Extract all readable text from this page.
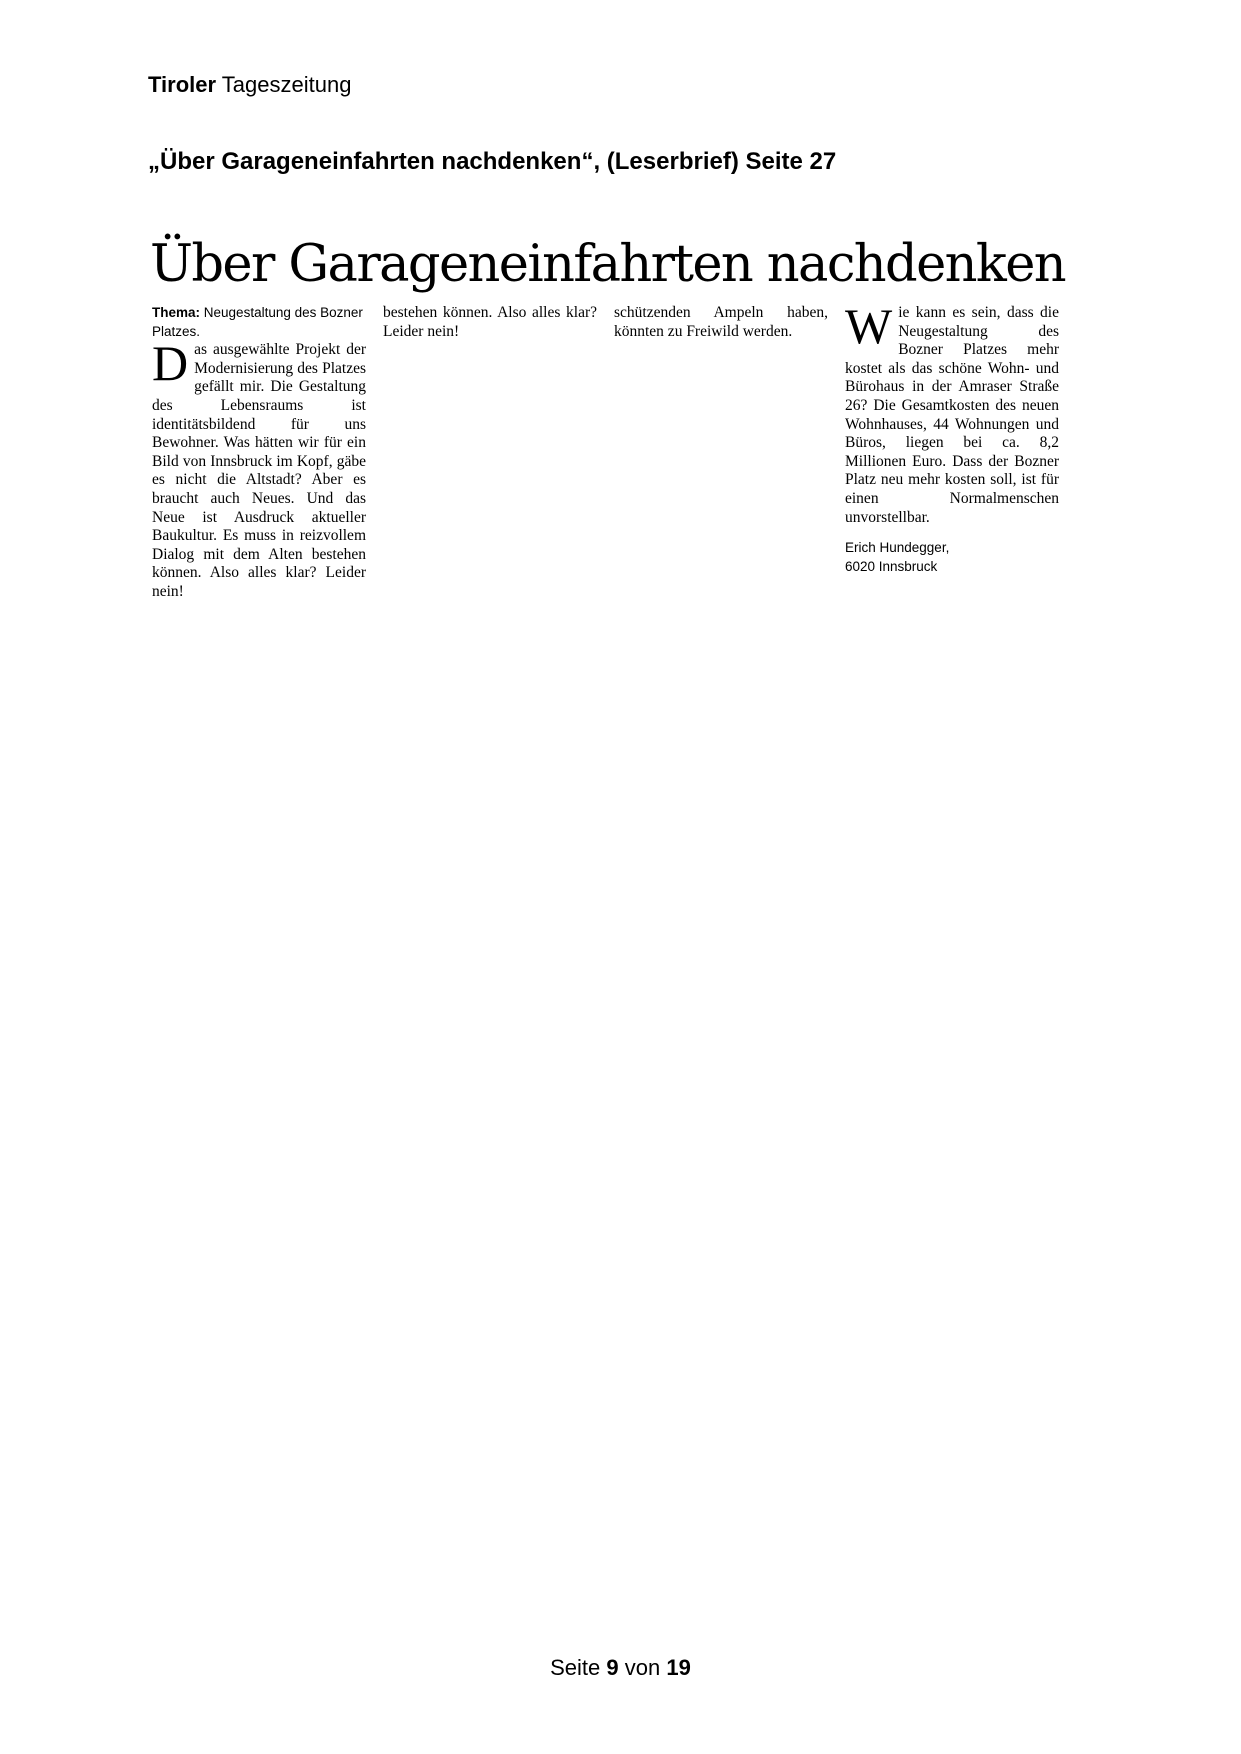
Tiroler Tageszeitung
„Über Garageneinfahrten nachdenken“, (Leserbrief) Seite 27
Über Garageneinfahrten nachdenken

Thema: Neugestaltung des Bozner Platzes.

Das ausgewählte Projekt der Modernisierung des Platzes gefällt mir. Die Gestaltung des Lebensraums ist identitätsbildend für uns Bewohner. Was hätten wir für ein Bild von Innsbruck im Kopf, gäbe es nicht die Altstadt? Aber es braucht auch Neues. Und das Neue ist Ausdruck aktueller Baukultur. Es muss in reizvollem Dialog mit dem Alten bestehen können. Also alles klar? Leider nein!

bestehen können. Also alles klar? Leider nein!

schützenden Ampeln haben, könnten zu Freiwild werden.	Wie kann es sein, dass die Neugestaltung des Bozner Platzes mehr kostet als das schöne Wohn- und Bürohaus in der Amraser Straße 26? Die Gesamtkosten des neuen Wohnhauses, 44 Wohnungen und Büros, liegen bei ca. 8,2 Millionen Euro. Dass der Bozner Platz neu mehr kosten soll, ist für einen Normalmenschen unvorstellbar.

Erich Hundegger,
6020 Innsbruck

Seite 9 von 19
